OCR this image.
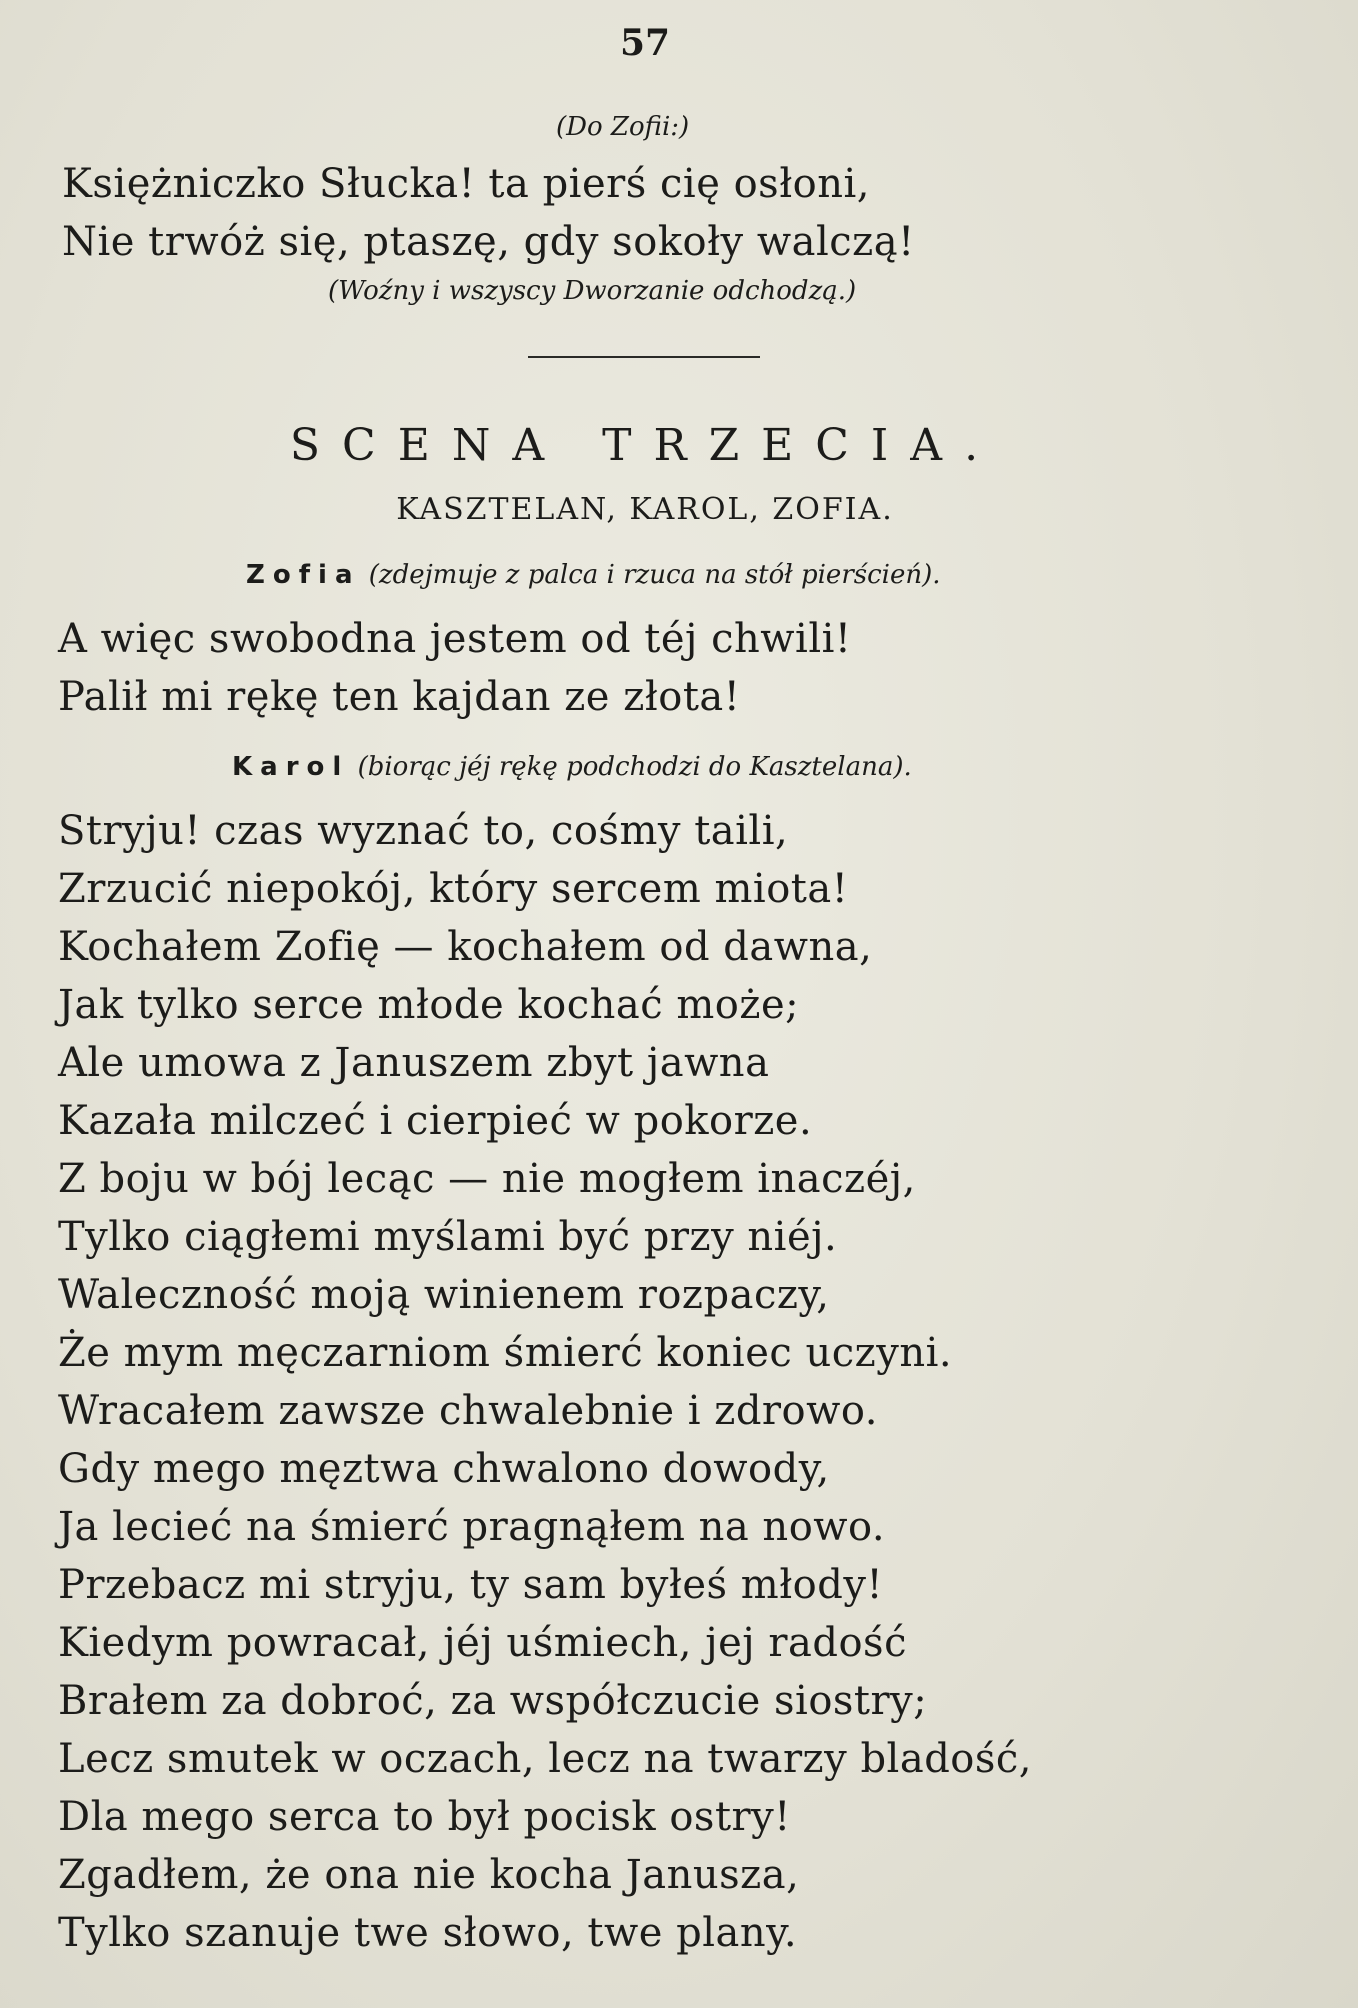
57
(Do Zofii:)
Księżniczko Słucka! ta pierś cię osłoni,
Nie trwóż się, ptaszę, gdy sokoły walczą!
(Woźny i wszyscy Dworzanie odchodzą.)
SCENA TRZECIA.
KASZTELAN, KAROL, ZOFIA.
Zofia (zdejmuje z palca i rzuca na stół pierścień).
A więc swobodna jestem od téj chwili!
Palił mi rękę ten kajdan ze złota!
Karol (biorąc jéj rękę podchodzi do Kasztelana).
Stryju! czas wyznać to, cośmy taili,
Zrzucić niepokój, który sercem miota!
Kochałem Zofię — kochałem od dawna,
Jak tylko serce młode kochać może;
Ale umowa z Januszem zbyt jawna
Kazała milczeć i cierpieć w pokorze.
Z boju w bój lecąc — nie mogłem inaczéj,
Tylko ciągłemi myślami być przy niéj.
Waleczność moją winienem rozpaczy,
Że mym męczarniom śmierć koniec uczyni.
Wracałem zawsze chwalebnie i zdrowo.
Gdy mego męztwa chwalono dowody,
Ja lecieć na śmierć pragnąłem na nowo.
Przebacz mi stryju, ty sam byłeś młody!
Kiedym powracał, jéj uśmiech, jej radość
Brałem za dobroć, za współczucie siostry;
Lecz smutek w oczach, lecz na twarzy bladość,
Dla mego serca to był pocisk ostry!
Zgadłem, że ona nie kocha Janusza,
Tylko szanuje twe słowo, twe plany.
